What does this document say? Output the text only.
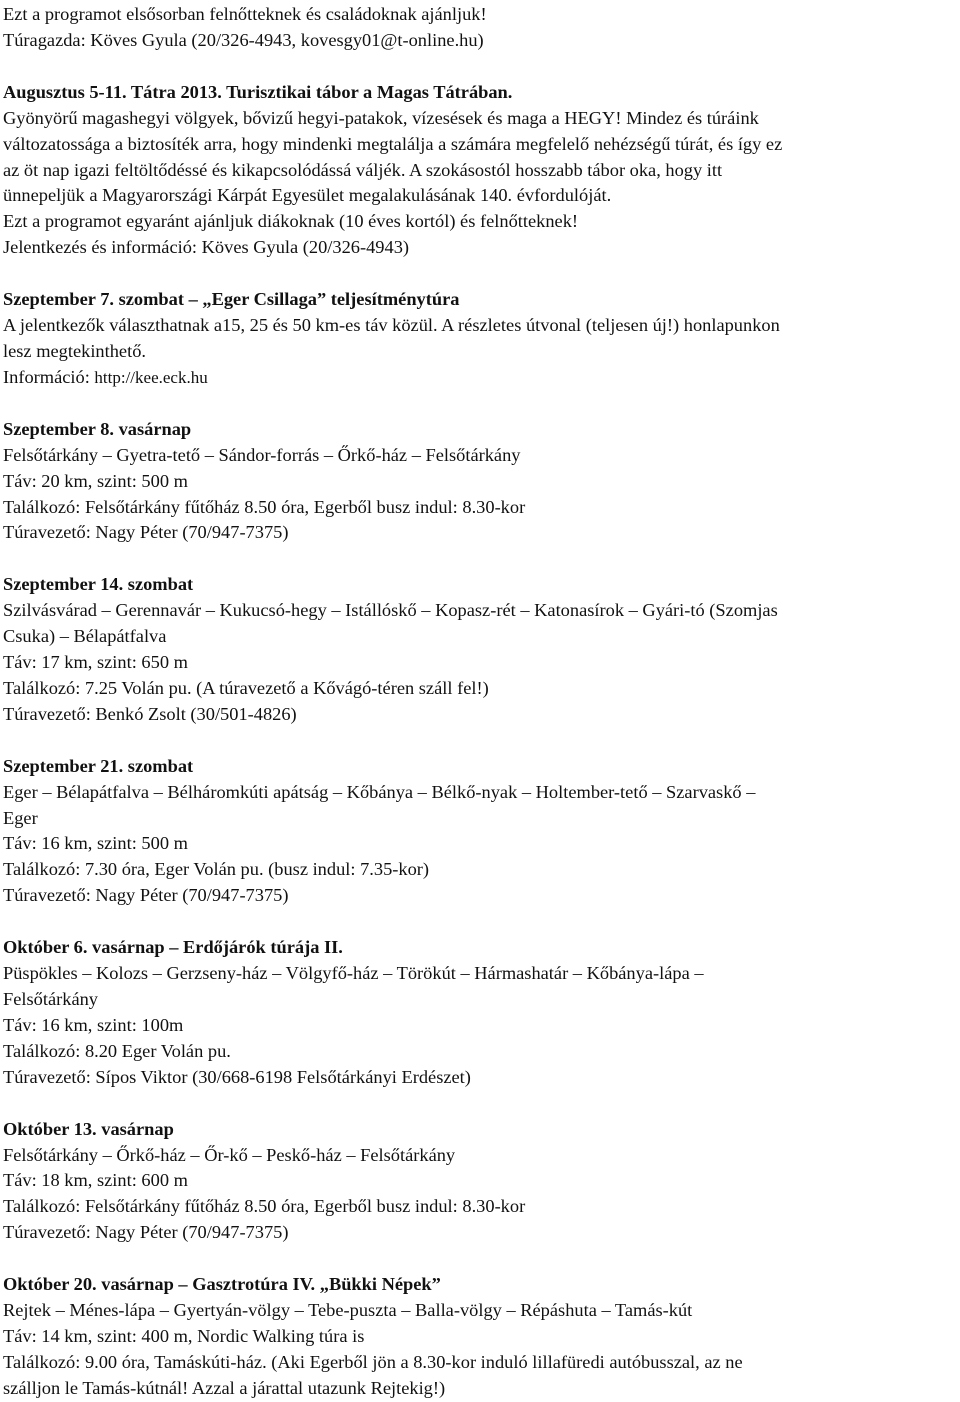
Ezt a programot elsősorban felnőtteknek és családoknak ajánljuk!
Túragazda: Köves Gyula (20/326-4943, kovesgy01@t-online.hu)
Augusztus 5-11. Tátra 2013. Turisztikai tábor a Magas Tátrában.
Gyönyörű magashegyi völgyek, bővizű hegyi-patakok, vízesések és maga a HEGY! Mindez és túráink
változatossága a biztosíték arra, hogy mindenki megtalálja a számára megfelelő nehézségű túrát, és így ez
az öt nap igazi feltöltődéssé és kikapcsolódássá váljék. A szokásostól hosszabb tábor oka, hogy itt
ünnepeljük a Magyarországi Kárpát Egyesület megalakulásának 140. évfordulóját.
Ezt a programot egyaránt ajánljuk diákoknak (10 éves kortól) és felnőtteknek!
Jelentkezés és információ: Köves Gyula (20/326-4943)
Szeptember 7. szombat – „Eger Csillaga” teljesítménytúra
A jelentkezők választhatnak a15, 25 és 50 km-es táv közül. A részletes útvonal (teljesen új!) honlapunkon
lesz megtekinthető.
Információ: http://kee.eck.hu
Szeptember 8. vasárnap
Felsőtárkány – Gyetra-tető – Sándor-forrás – Őrkő-ház – Felsőtárkány
Táv: 20 km, szint: 500 m
Találkozó: Felsőtárkány fűtőház 8.50 óra, Egerből busz indul: 8.30-kor
Túravezető: Nagy Péter (70/947-7375)
Szeptember 14. szombat
Szilvásvárad – Gerennavár – Kukucsó-hegy – Istállóskő – Kopasz-rét – Katonasírok – Gyári-tó (Szomjas
Csuka) – Bélapátfalva
Táv: 17 km, szint: 650 m
Találkozó: 7.25 Volán pu. (A túravezető a Kővágó-téren száll fel!)
Túravezető: Benkó Zsolt (30/501-4826)
Szeptember 21. szombat
Eger – Bélapátfalva – Bélháromkúti apátság – Kőbánya – Bélkő-nyak – Holtember-tető – Szarvaskő –
Eger
Táv: 16 km, szint: 500 m
Találkozó: 7.30 óra, Eger Volán pu. (busz indul: 7.35-kor)
Túravezető: Nagy Péter (70/947-7375)
Október 6. vasárnap – Erdőjárók túrája II.
Püspökles – Kolozs – Gerzseny-ház – Völgyfő-ház – Törökút – Hármashatár – Kőbánya-lápa –
Felsőtárkány
Táv: 16 km, szint: 100m
Találkozó: 8.20 Eger Volán pu.
Túravezető: Sípos Viktor (30/668-6198 Felsőtárkányi Erdészet)
Október 13. vasárnap
Felsőtárkány – Őrkő-ház – Őr-kő – Peskő-ház – Felsőtárkány
Táv: 18 km, szint: 600 m
Találkozó: Felsőtárkány fűtőház 8.50 óra, Egerből busz indul: 8.30-kor
Túravezető: Nagy Péter (70/947-7375)
Október 20. vasárnap – Gasztrotúra IV. „Bükki Népek”
Rejtek – Ménes-lápa – Gyertyán-völgy – Tebe-puszta – Balla-völgy – Répáshuta – Tamás-kút
Táv: 14 km, szint: 400 m, Nordic Walking túra is
Találkozó: 9.00 óra, Tamáskúti-ház. (Aki Egerből jön a 8.30-kor induló lillafüredi autóbusszal, az ne
szálljon le Tamás-kútnál! Azzal a járattal utazunk Rejtekig!)
